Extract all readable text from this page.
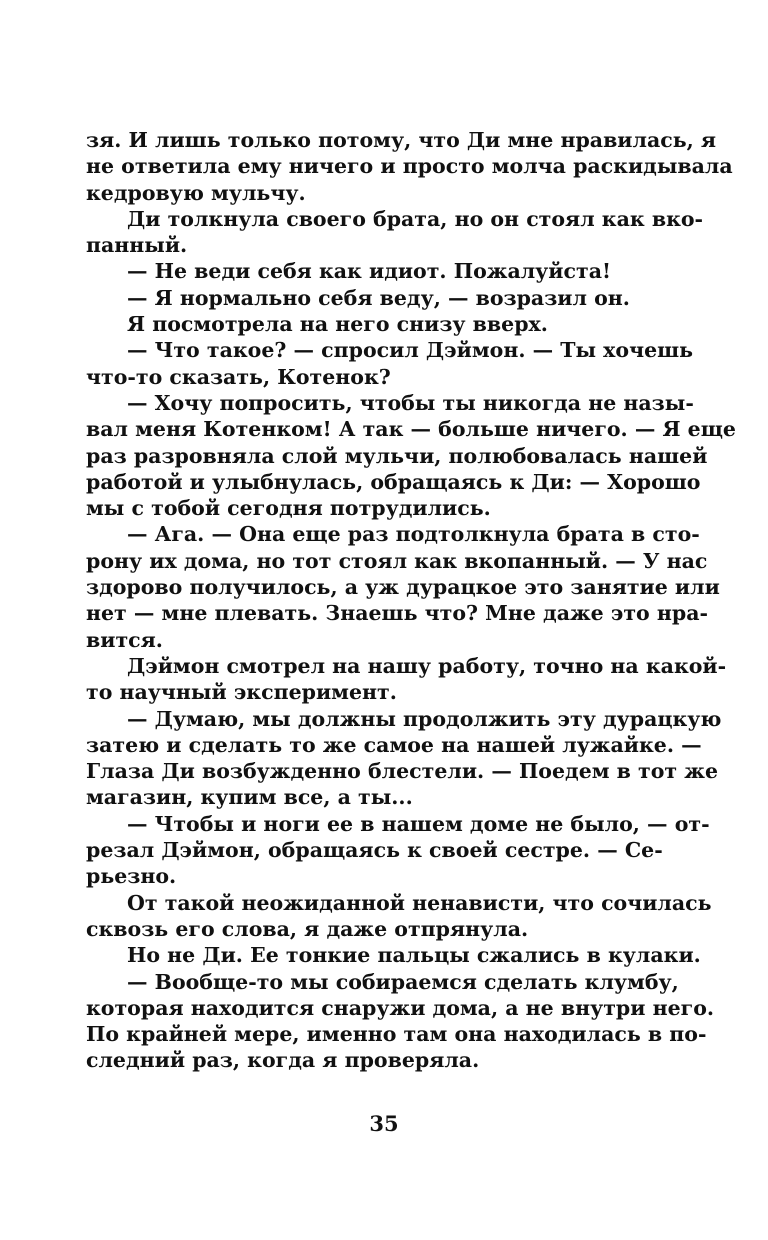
зя. И лишь только потому, что Ди мне нравилась, я
не ответила ему ничего и просто молча раскидывала
кедровую мульчу.
Ди толкнула своего брата, но он стоял как вко-
панный.
— Не веди себя как идиот. Пожалуйста!
— Я нормально себя веду, — возразил он.
Я посмотрела на него снизу вверх.
— Что такое? — спросил Дэймон. — Ты хочешь
что-то сказать, Котенок?
— Хочу попросить, чтобы ты никогда не назы-
вал меня Котенком! А так — больше ничего. — Я еще
раз разровняла слой мульчи, полюбовалась нашей
работой и улыбнулась, обращаясь к Ди: — Хорошо
мы с тобой сегодня потрудились.
— Ага. — Она еще раз подтолкнула брата в сто-
рону их дома, но тот стоял как вкопанный. — У нас
здорово получилось, а уж дурацкое это занятие или
нет — мне плевать. Знаешь что? Мне даже это нра-
вится.
Дэймон смотрел на нашу работу, точно на какой-
то научный эксперимент.
— Думаю, мы должны продолжить эту дурацкую
затею и сделать то же самое на нашей лужайке. —
Глаза Ди возбужденно блестели. — Поедем в тот же
магазин, купим все, а ты...
— Чтобы и ноги ее в нашем доме не было, — от-
резал Дэймон, обращаясь к своей сестре. — Се-
рьезно.
От такой неожиданной ненависти, что сочилась
сквозь его слова, я даже отпрянула.
Но не Ди. Ее тонкие пальцы сжались в кулаки.
— Вообще-то мы собираемся сделать клумбу,
которая находится снаружи дома, а не внутри него.
По крайней мере, именно там она находилась в по-
следний раз, когда я проверяла.
35
